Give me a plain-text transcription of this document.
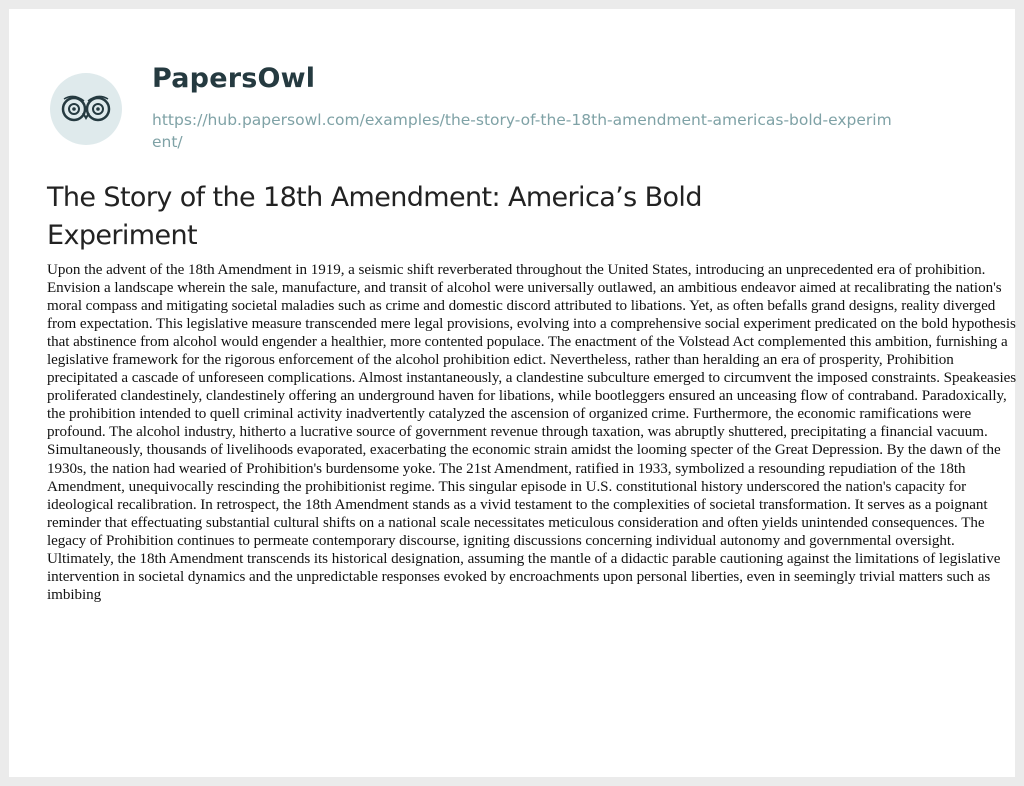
PapersOwl
https://hub.papersowl.com/examples/the-story-of-the-18th-amendment-americas-bold-experiment/
The Story of the 18th Amendment: America’s Bold Experiment

Upon the advent of the 18th Amendment in 1919, a seismic shift reverberated throughout the United States, introducing an unprecedented era of prohibition. Envision a landscape wherein the sale, manufacture, and transit of alcohol were universally outlawed, an ambitious endeavor aimed at recalibrating the nation's moral compass and mitigating societal maladies such as crime and domestic discord attributed to libations. Yet, as often befalls grand designs, reality diverged from expectation. This legislative measure transcended mere legal provisions, evolving into a comprehensive social experiment predicated on the bold hypothesis that abstinence from alcohol would engender a healthier, more contented populace. The enactment of the Volstead Act complemented this ambition, furnishing a legislative framework for the rigorous enforcement of the alcohol prohibition edict. Nevertheless, rather than heralding an era of prosperity, Prohibition precipitated a cascade of unforeseen complications. Almost instantaneously, a clandestine subculture emerged to circumvent the imposed constraints. Speakeasies proliferated clandestinely, clandestinely offering an underground haven for libations, while bootleggers ensured an unceasing flow of contraband. Paradoxically, the prohibition intended to quell criminal activity inadvertently catalyzed the ascension of organized crime. Furthermore, the economic ramifications were profound. The alcohol industry, hitherto a lucrative source of government revenue through taxation, was abruptly shuttered, precipitating a financial vacuum. Simultaneously, thousands of livelihoods evaporated, exacerbating the economic strain amidst the looming specter of the Great Depression. By the dawn of the 1930s, the nation had wearied of Prohibition's burdensome yoke. The 21st Amendment, ratified in 1933, symbolized a resounding repudiation of the 18th Amendment, unequivocally rescinding the prohibitionist regime. This singular episode in U.S. constitutional history underscored the nation's capacity for ideological recalibration. In retrospect, the 18th Amendment stands as a vivid testament to the complexities of societal transformation. It serves as a poignant reminder that effectuating substantial cultural shifts on a national scale necessitates meticulous consideration and often yields unintended consequences. The legacy of Prohibition continues to permeate contemporary discourse, igniting discussions concerning individual autonomy and governmental oversight. Ultimately, the 18th Amendment transcends its historical designation, assuming the mantle of a didactic parable cautioning against the limitations of legislative intervention in societal dynamics and the unpredictable responses evoked by encroachments upon personal liberties, even in seemingly trivial matters such as imbibing
